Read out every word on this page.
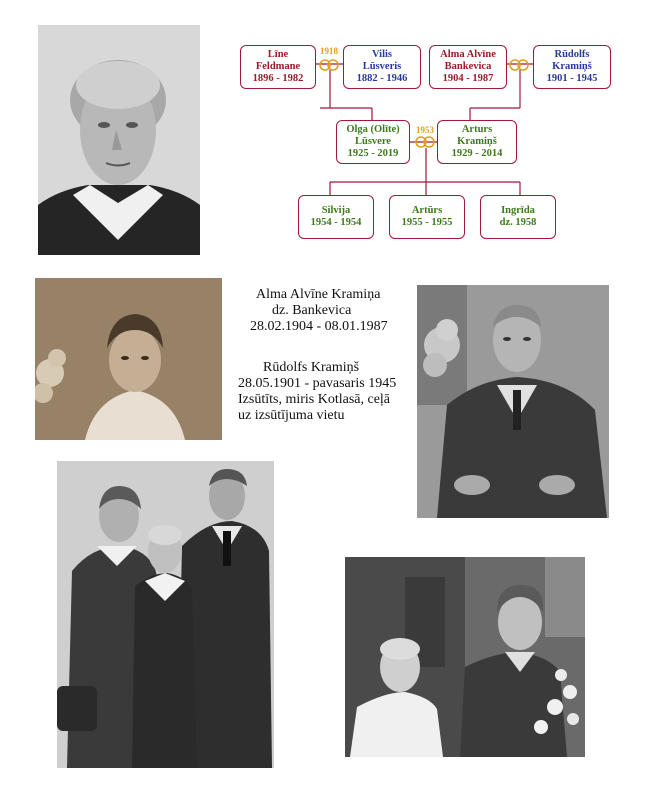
1918
1953
Līne
Feldmane
1896 - 1982
Vilis
Lūsveris
1882 - 1946
Alma Alvīne
Bankevica
1904 - 1987
Rūdolfs
Kramiņš
1901 - 1945
Olga (Olīte)
Lūsvere
1925 - 2019
Arturs
Kramiņš
1929 - 2014
Silvija
1954 - 1954
Artūrs
1955 - 1955
Ingrīda
dz. 1958
Alma Alvīne Kramiņa
dz. Bankevica
28.02.1904 - 08.01.1987
Rūdolfs Kramiņš
28.05.1901 - pavasaris 1945
Izsūtīts, miris Kotlasā, ceļā
uz izsūtījuma vietu
